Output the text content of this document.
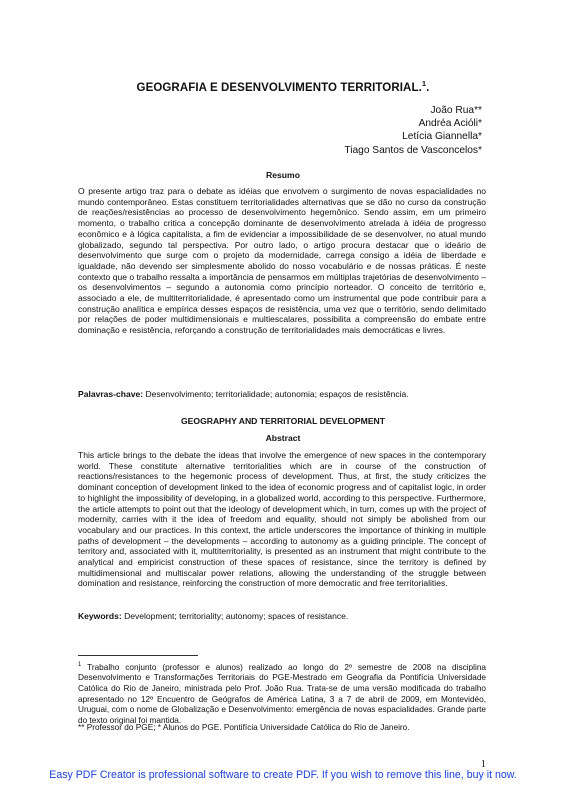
GEOGRAFIA E DESENVOLVIMENTO TERRITORIAL.$^1$.
João Rua**
Andréa Acióli*
Letícia Giannella*
Tiago Santos de Vasconcelos*
Resumo

O presente artigo traz para o debate as idéias que envolvem o surgimento de novas espacialidades no mundo contemporâneo. Estas constituem territorialidades alternativas que se dão no curso da construção de reações/resistências ao processo de desenvolvimento hegemônico. Sendo assim, em um primeiro momento, o trabalho critica a concepção dominante de desenvolvimento atrelada à idéia de progresso econômico e à lógica capitalista, a fim de evidenciar a impossibilidade de se desenvolver, no atual mundo globalizado, segundo tal perspectiva. Por outro lado, o artigo procura destacar que o ideário de desenvolvimento que surge com o projeto da modernidade, carrega consigo a idéia de liberdade e igualdade, não devendo ser simplesmente abolido do nosso vocabulário e de nossas práticas. É neste contexto que o trabalho ressalta a importância de pensarmos em múltiplas trajetórias de desenvolvimento – os desenvolvimentos – segundo a autonomia como princípio norteador. O conceito de território e, associado a ele, de multiterritorialidade, é apresentado como um instrumental que pode contribuir para a construção analítica e empírica desses espaços de resistência, uma vez que o território, sendo delimitado por relações de poder multidimensionais e multiescalares, possibilita a compreensão do embate entre dominação e resistência, reforçando a construção de territorialidades mais democráticas e livres.

Palavras-chave: Desenvolvimento; territorialidade; autonomia; espaços de resistência.

GEOGRAPHY AND TERRITORIAL DEVELOPMENT
Abstract

This article brings to the debate the ideas that involve the emergence of new spaces in the contemporary world. These constitute alternative territorialities which are in course of the construction of reactions/resistances to the hegemonic process of development. Thus, at first, the study criticizes the dominant conception of development linked to the idea of economic progress and of capitalist logic, in order to highlight the impossibility of developing, in a globalized world, according to this perspective. Furthermore, the article attempts to point out that the ideology of development which, in turn, comes up with the project of modernity, carries with it the idea of freedom and equality, should not simply be abolished from our vocabulary and our practices. In this context, the article underscores the importance of thinking in multiple paths of development – the developments – according to autonomy as a guiding principle. The concept of territory and, associated with it, multiterritoriality, is presented as an instrument that might contribute to the analytical and empiricist construction of these spaces of resistance, since the territory is defined by multidimensional and multiscalar power relations, allowing the understanding of the struggle between domination and resistance, reinforcing the construction of more democratic and free territorialities.

Keywords: Development; territoriality; autonomy; spaces of resistance.

$^1$ Trabalho conjunto (professor e alunos) realizado ao longo do 2º semestre de 2008 na disciplina Desenvolvimento e Transformações Territoriais do PGE-Mestrado em Geografia da Pontifícia Universidade Católica do Rio de Janeiro, ministrada pelo Prof. João Rua. Trata-se de uma versão modificada do trabalho apresentado no 12º Encuentro de Geógrafos de América Latina, 3 a 7 de abril de 2009, em Montevidéo, Uruguai, com o nome de Globalização e Desenvolvimento: emergência de novas espacialidades. Grande parte do texto original foi mantida.

** Professor do PGE; * Alunos do PGE. Pontifícia Universidade Católica do Rio de Janeiro.

1
Easy PDF Creator is professional software to create PDF. If you wish to remove this line, buy it now.
